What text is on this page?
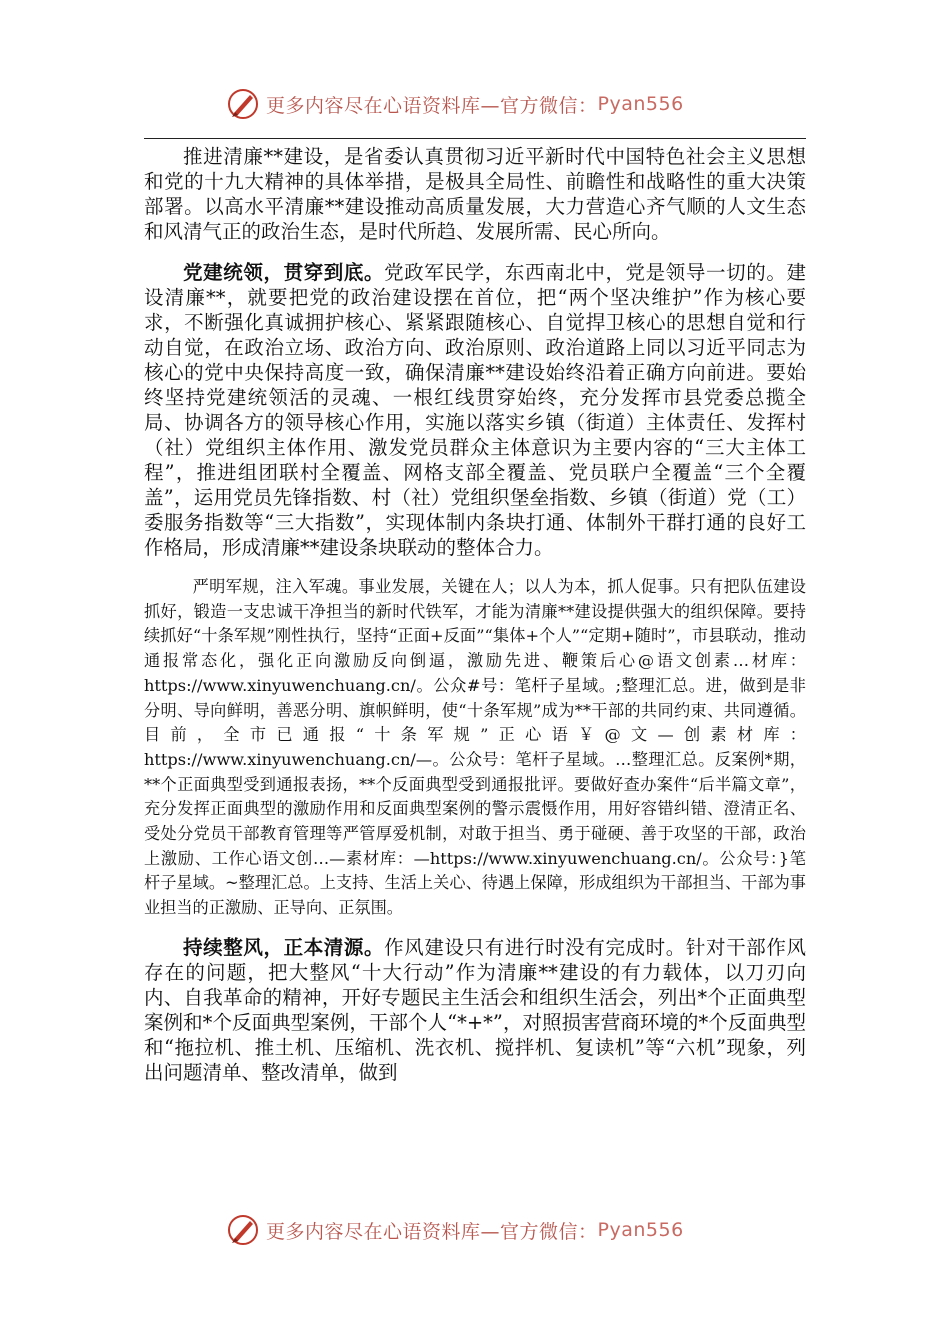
更多内容尽在心语资料库—官方微信： Pyan556

推进清廉**建设，是省委认真贯彻习近平新时代中国特色社会主义思想和党的十九大精神的具体举措，是极具全局性、前瞻性和战略性的重大决策部署。以高水平清廉**建设推动高质量发展，大力营造心齐气顺的人文生态和风清气正的政治生态，是时代所趋、发展所需、民心所向。

党建统领，贯穿到底。党政军民学，东西南北中，党是领导一切的。建设清廉**，就要把党的政治建设摆在首位，把“两个坚决维护”作为核心要求，不断强化真诚拥护核心、紧紧跟随核心、自觉捍卫核心的思想自觉和行动自觉，在政治立场、政治方向、政治原则、政治道路上同以习近平同志为核心的党中央保持高度一致，确保清廉**建设始终沿着正确方向前进。要始终坚持党建统领活的灵魂、一根红线贯穿始终，充分发挥市县党委总揽全局、协调各方的领导核心作用，实施以落实乡镇（街道）主体责任、发挥村（社）党组织主体作用、激发党员群众主体意识为主要内容的“三大主体工程”，推进组团联村全覆盖、网格支部全覆盖、党员联户全覆盖“三个全覆盖”，运用党员先锋指数、村（社）党组织堡垒指数、乡镇（街道）党（工）委服务指数等“三大指数”，实现体制内条块打通、体制外干群打通的良好工作格局，形成清廉**建设条块联动的整体合力。

严明军规，注入军魂。事业发展，关键在人；以人为本，抓人促事。只有把队伍建设抓好，锻造一支忠诚干净担当的新时代铁军，才能为清廉**建设提供强大的组织保障。要持续抓好“十条军规”刚性执行，坚持“正面+反面”“集体+个人”“定期+随时”，市县联动，推动通报常态化，强化正向激励反向倒逼，激励先进、鞭策后心@语文创素…材库：https://www.xinyuwenchuang.cn/。公众#号：笔杆子星域。;整理汇总。进，做到是非分明、导向鲜明，善恶分明、旗帜鲜明，使“十条军规”成为**干部的共同约束、共同遵循。目前，全市已通报“十条军规”正心语￥@文—创素材库：https://www.xinyuwenchuang.cn/—。公众号：笔杆子星域。…整理汇总。反案例*期，**个正面典型受到通报表扬，**个反面典型受到通报批评。要做好查办案件“后半篇文章”，充分发挥正面典型的激励作用和反面典型案例的警示震慑作用，用好容错纠错、澄清正名、受处分党员干部教育管理等严管厚爱机制，对敢于担当、勇于碰硬、善于攻坚的干部，政治上激励、工作心语文创…—素材库：—https://www.xinyuwenchuang.cn/。公众号：}笔杆子星域。~整理汇总。上支持、生活上关心、待遇上保障，形成组织为干部担当、干部为事业担当的正激励、正导向、正氛围。

持续整风，正本清源。作风建设只有进行时没有完成时。针对干部作风存在的问题，把大整风“十大行动”作为清廉**建设的有力载体，以刀刃向内、自我革命的精神，开好专题民主生活会和组织生活会，列出*个正面典型案例和*个反面典型案例，干部个人“*+*”，对照损害营商环境的*个反面典型和“拖拉机、推土机、压缩机、洗衣机、搅拌机、复读机”等“六机”现象，列出问题清单、整改清单，做到

更多内容尽在心语资料库—官方微信： Pyan556
